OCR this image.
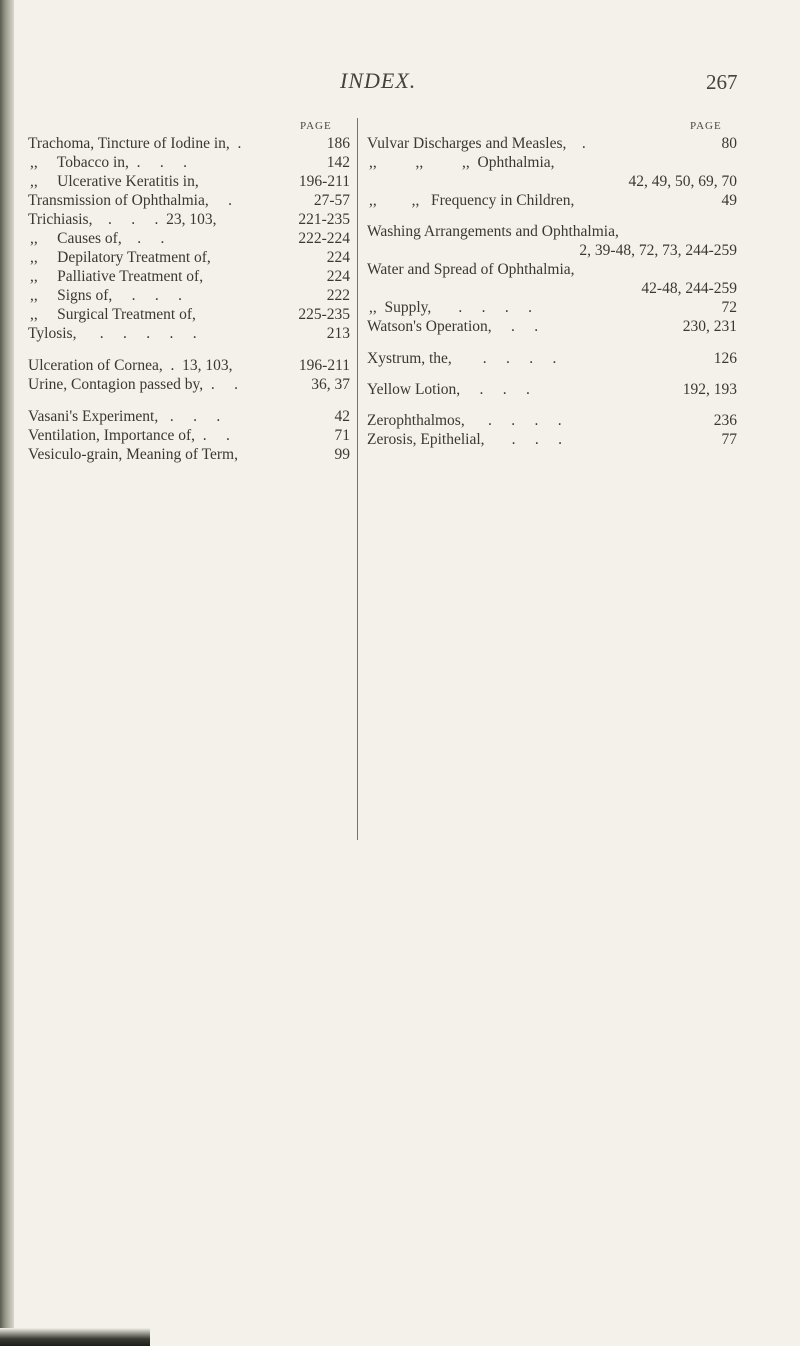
INDEX.	267
PAGE	PAGE
Trachoma, Tincture of Iodine in,  .	186
,,     Tobacco in,  .     .     .	142
,,     Ulcerative Keratitis in,	196-211
Transmission of Ophthalmia,     .	27-57
Trichiasis,    .     .     .  23, 103,	221-235
,,     Causes of,    .     .	222-224
,,     Depilatory Treatment of,	224
,,     Palliative Treatment of,	224
,,     Signs of,     .     .     .	222
,,     Surgical Treatment of,	225-235
Tylosis,      .     .     .     .     .	213
Ulceration of Cornea,  .  13, 103,	196-211
Urine, Contagion passed by,  .     .	36, 37
Vasani's Experiment,   .     .     .	42
Ventilation, Importance of,  .     .	71
Vesiculo-grain, Meaning of Term,	99
Vulvar Discharges and Measles,    .	80
,,          ,,          ,,  Ophthalmia,
42, 49, 50, 69, 70
,,         ,,   Frequency in Children,	49
Washing Arrangements and Ophthalmia,
2, 39-48, 72, 73, 244-259
Water and Spread of Ophthalmia,
42-48, 244-259
,,  Supply,       .     .     .     .	72
Watson's Operation,     .     .	230, 231
Xystrum, the,        .     .     .     .	126
Yellow Lotion,     .     .     .	192, 193
Zerophthalmos,      .     .     .     .	236
Zerosis, Epithelial,       .     .     .	77
